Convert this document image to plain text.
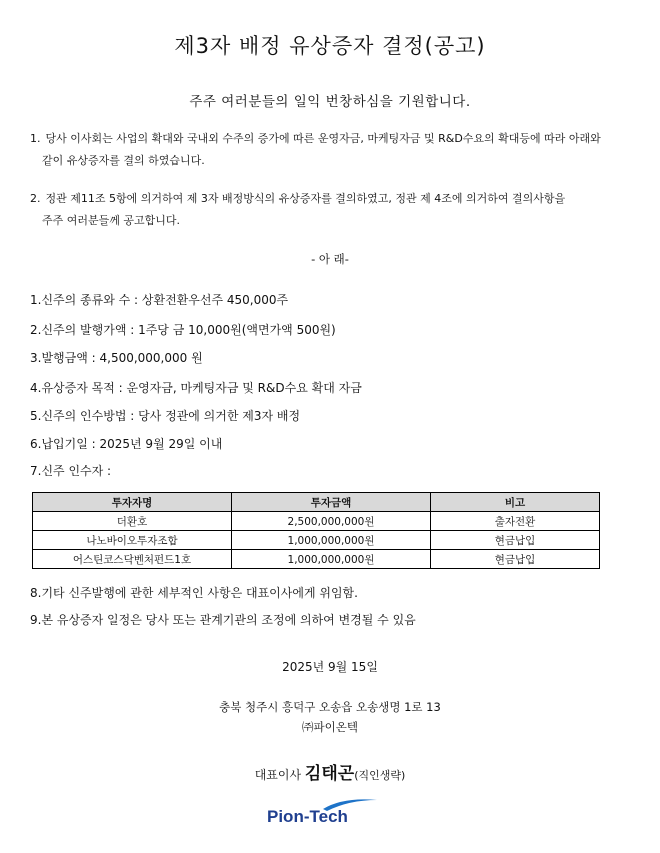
제3자 배정 유상증자 결정(공고)
주주 여러분들의 일익 번창하심을 기원합니다.
1. 당사 이사회는 사업의 확대와 국내외 수주의 증가에 따른 운영자금, 마케팅자금 및 R&D수요의 확대등에 따라 아래와
같이 유상증자를 결의 하였습니다.
2. 정관 제11조 5항에 의거하여 제 3자 배정방식의 유상증자를 결의하였고, 정관 제 4조에 의거하여 결의사항을
주주 여러분들께 공고합니다.
- 아 래-
1.신주의 종류와 수 : 상환전환우선주 450,000주
2.신주의 발행가액 : 1주당 금 10,000원(액면가액 500원)
3.발행금액 : 4,500,000,000 원
4.유상증자 목적 : 운영자금, 마케팅자금 및 R&D수요 확대 자금
5.신주의 인수방법 : 당사 정관에 의거한 제3자 배정
6.납입기일 : 2025년 9월 29일 이내
7.신주 인수자 :
투자자명	투자금액	비고
더환호	2,500,000,000원	출자전환
나노바이오투자조합	1,000,000,000원	현금납입
어스틴코스닥벤처펀드1호	1,000,000,000원	현금납입
8.기타 신주발행에 관한 세부적인 사항은 대표이사에게 위임함.
9.본 유상증자 일정은 당사 또는 관계기관의 조정에 의하여 변경될 수 있음
2025년 9월 15일
충북 청주시 흥덕구 오송읍 오송생명 1로 13
㈜파이온텍
대표이사 김태곤(직인생략)
Pion-Tech
